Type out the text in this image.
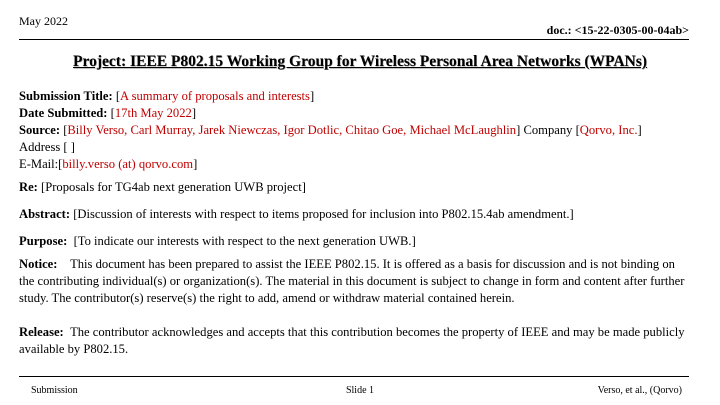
May 2022
doc.: <15-22-0305-00-04ab>
Project: IEEE P802.15 Working Group for Wireless Personal Area Networks (WPANs)

Submission Title: [A summary of proposals and interests]

Date Submitted: [17th May 2022]

Source: [Billy Verso, Carl Murray, Jarek Niewczas, Igor Dotlic, Chitao Goe, Michael McLaughlin] Company [Qorvo, Inc.]

Address [ ]

E-Mail:[billy.verso (at) qorvo.com]

Re: [Proposals for TG4ab next generation UWB project]

Abstract: [Discussion of interests with respect to items proposed for inclusion into P802.15.4ab amendment.]

Purpose:  [To indicate our interests with respect to the next generation UWB.]

Notice: This document has been prepared to assist the IEEE P802.15. It is offered as a basis for discussion and is not binding on the contributing individual(s) or organization(s). The material in this document is subject to change in form and content after further study. The contributor(s) reserve(s) the right to add, amend or withdraw material contained herein.

Release: The contributor acknowledges and accepts that this contribution becomes the property of IEEE and may be made publicly available by P802.15.

Submission	Slide 1	Verso, et al., (Qorvo)
